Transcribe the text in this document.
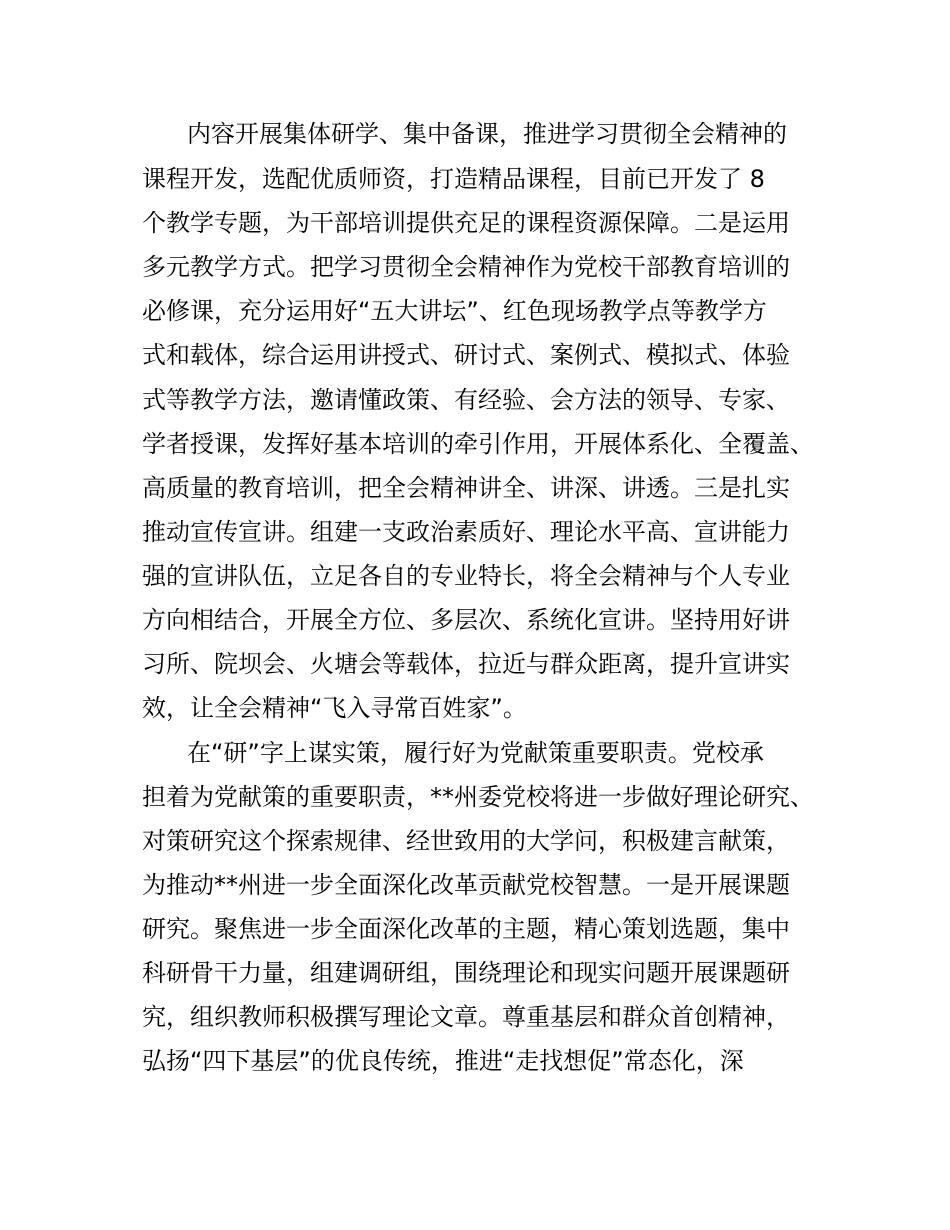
内容开展集体研学、集中备课，推进学习贯彻全会精神的
课程开发，选配优质师资，打造精品课程，目前已开发了 8
个教学专题，为干部培训提供充足的课程资源保障。二是运用
多元教学方式。把学习贯彻全会精神作为党校干部教育培训的
必修课，充分运用好“五大讲坛”、红色现场教学点等教学方
式和载体，综合运用讲授式、研讨式、案例式、模拟式、体验
式等教学方法，邀请懂政策、有经验、会方法的领导、专家、
学者授课，发挥好基本培训的牵引作用，开展体系化、全覆盖、
高质量的教育培训，把全会精神讲全、讲深、讲透。三是扎实
推动宣传宣讲。组建一支政治素质好、理论水平高、宣讲能力
强的宣讲队伍，立足各自的专业特长，将全会精神与个人专业
方向相结合，开展全方位、多层次、系统化宣讲。坚持用好讲
习所、院坝会、火塘会等载体，拉近与群众距离，提升宣讲实
效，让全会精神“飞入寻常百姓家”。
在“研”字上谋实策，履行好为党献策重要职责。党校承
担着为党献策的重要职责，**州委党校将进一步做好理论研究、
对策研究这个探索规律、经世致用的大学问，积极建言献策，
为推动**州进一步全面深化改革贡献党校智慧。一是开展课题
研究。聚焦进一步全面深化改革的主题，精心策划选题，集中
科研骨干力量，组建调研组，围绕理论和现实问题开展课题研
究，组织教师积极撰写理论文章。尊重基层和群众首创精神，
弘扬“四下基层”的优良传统，推进“走找想促”常态化，深
